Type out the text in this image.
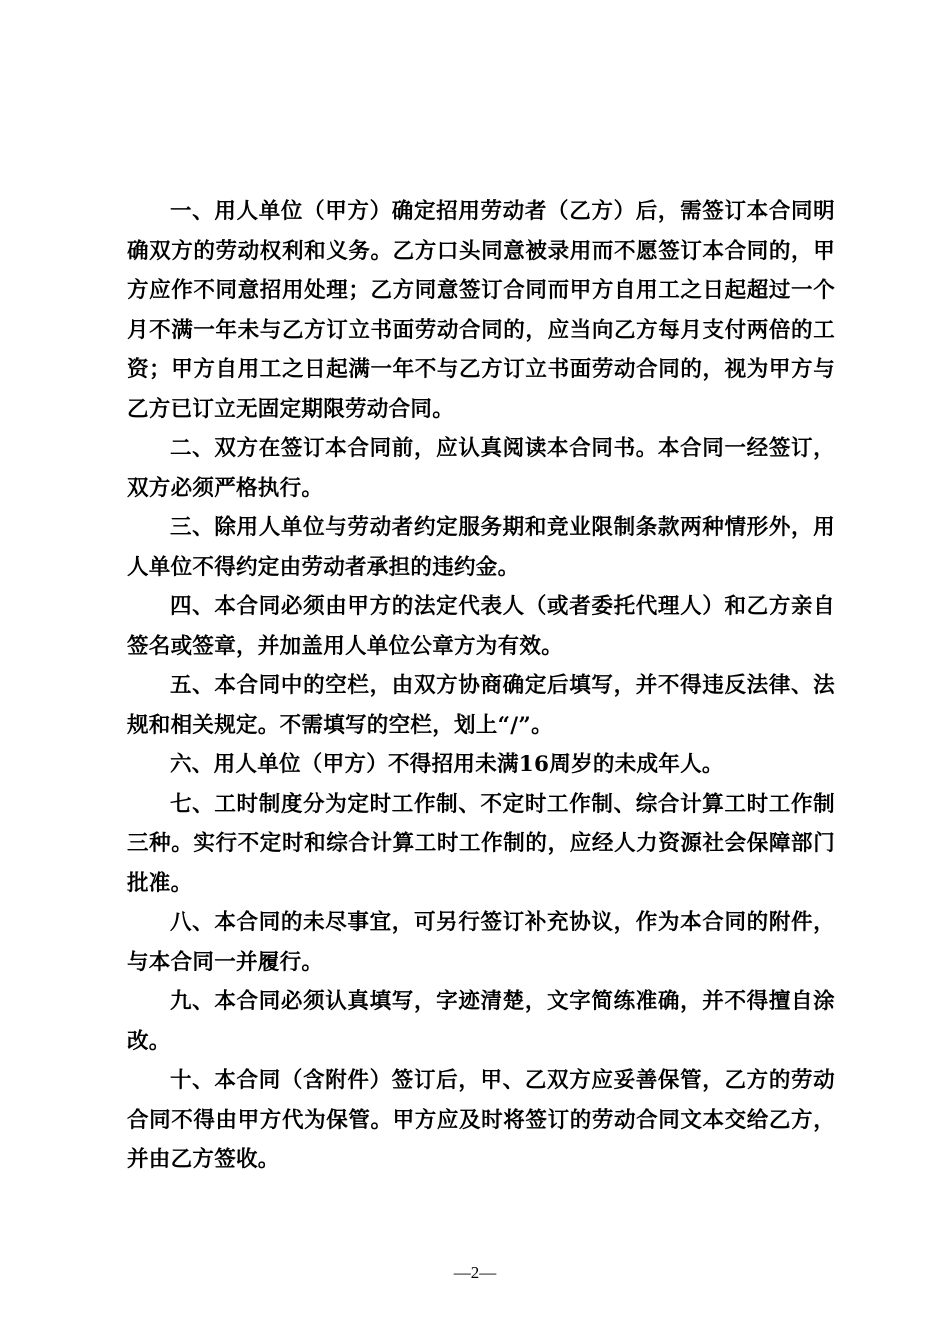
一、用人单位（甲方）确定招用劳动者（乙方）后，需签订本合同明确双方的劳动权利和义务。乙方口头同意被录用而不愿签订本合同的，甲方应作不同意招用处理；乙方同意签订合同而甲方自用工之日起超过一个月不满一年未与乙方订立书面劳动合同的，应当向乙方每月支付两倍的工资；甲方自用工之日起满一年不与乙方订立书面劳动合同的，视为甲方与乙方已订立无固定期限劳动合同。

二、双方在签订本合同前，应认真阅读本合同书。本合同一经签订，双方必须严格执行。

三、除用人单位与劳动者约定服务期和竞业限制条款两种情形外，用人单位不得约定由劳动者承担的违约金。

四、本合同必须由甲方的法定代表人（或者委托代理人）和乙方亲自签名或签章，并加盖用人单位公章方为有效。

五、本合同中的空栏，由双方协商确定后填写，并不得违反法律、法规和相关规定。不需填写的空栏，划上“/”。

六、用人单位（甲方）不得招用未满16周岁的未成年人。

七、工时制度分为定时工作制、不定时工作制、综合计算工时工作制三种。实行不定时和综合计算工时工作制的，应经人力资源社会保障部门批准。

八、本合同的未尽事宜，可另行签订补充协议，作为本合同的附件，与本合同一并履行。

九、本合同必须认真填写，字迹清楚，文字简练准确，并不得擅自涂改。

十、本合同（含附件）签订后，甲、乙双方应妥善保管，乙方的劳动合同不得由甲方代为保管。甲方应及时将签订的劳动合同文本交给乙方，并由乙方签收。

—2—
